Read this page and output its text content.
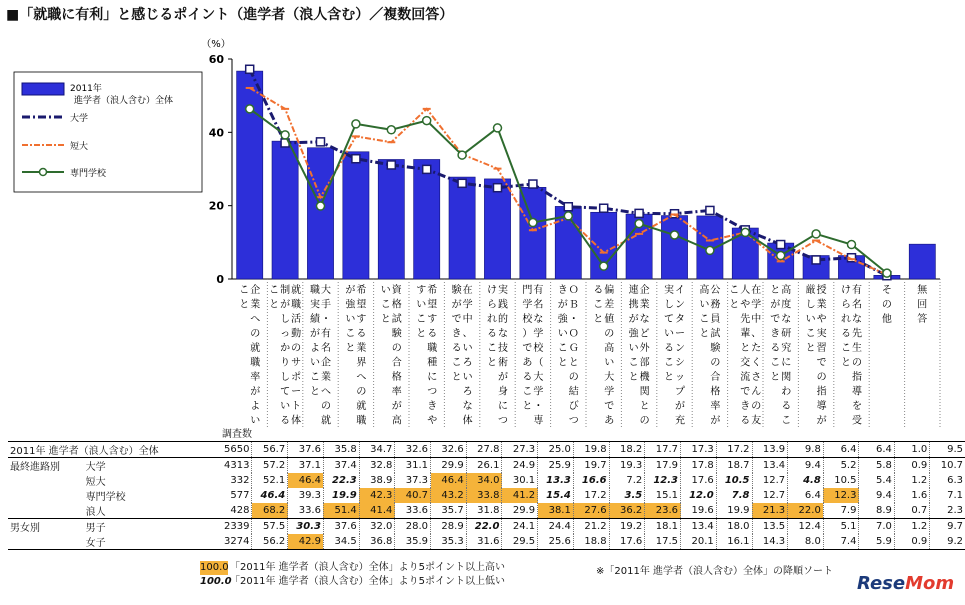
■「就職に有利」と感じるポイント（進学者（浪人含む）／複数回答）
（%）
0
20
40
60
企業への就職率がよいこと
就職活動のサポート体制がしっかりしていること
大手・有名企業への就職実績がよいこと
希望する業界への就職が強いこと
資格試験の合格率が高いこと
希望する職種につきやすいこと
在学中、いろいろな体験ができること
実践的な技術が身につけられること
有名な学校（大学・専門学校）であること
ＯＢ・ＯＧとの結びつきが強いこと
偏差値の高い大学であること
企業など外部機関との連携が強いこと
インターンシップが充実していること
公務員試験の合格率が高いこと
在学中、たくさんの友人や先輩と交流できること
高度な研究に関わることができること
授業や実習での指導が厳しいこと
有名な先生の指導を受けられること
その他
無回答
2011年
進学者（浪人含む）全体
大学
短大
専門学校
		調査数
2011年 進学者（浪人含む）全体	5650	56.7	37.6	35.8	34.7	32.6	32.6	27.8	27.3	25.0	19.8	18.2	17.7	17.3	17.2	13.9	9.8	6.4	6.4	1.0	9.5
最終進路別	大学	4313	57.2	37.1	37.4	32.8	31.1	29.9	26.1	24.9	25.9	19.7	19.3	17.9	17.8	18.7	13.4	9.4	5.2	5.8	0.9	10.7
	短大	332	52.1	46.4	22.3	38.9	37.3	46.4	34.0	30.1	13.3	16.6	7.2	12.3	17.6	10.5	12.7	4.8	10.5	5.4	1.2	6.3
	専門学校	577	46.4	39.3	19.9	42.3	40.7	43.2	33.8	41.2	15.4	17.2	3.5	15.1	12.0	7.8	12.7	6.4	12.3	9.4	1.6	7.1
	浪人	428	68.2	33.6	51.4	41.4	33.6	35.7	31.8	29.9	38.1	27.6	36.2	23.6	19.6	19.9	21.3	22.0	7.9	8.9	0.7	2.3
男女別	男子	2339	57.5	30.3	37.6	32.0	28.0	28.9	22.0	24.1	24.4	21.2	19.2	18.1	13.4	18.0	13.5	12.4	5.1	7.0	1.2	9.7
	女子	3274	56.2	42.9	34.5	36.8	35.9	35.3	31.6	29.5	25.6	18.8	17.6	17.5	20.1	16.1	14.3	8.0	7.4	5.9	0.9	9.2
100.0「2011年 進学者（浪人含む）全体」より5ポイント以上高い
100.0「2011年 進学者（浪人含む）全体」より5ポイント以上低い
※「2011年 進学者（浪人含む）全体」の降順ソート
ReseMom
